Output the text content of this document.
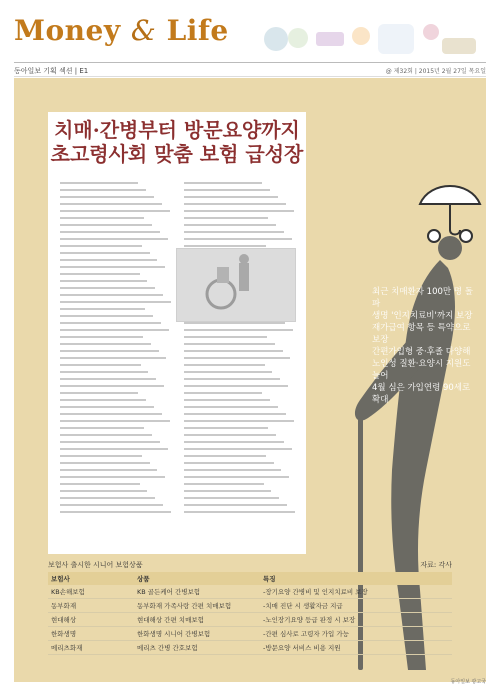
Money & Life
동아일보 기획 섹션 | E1	@ 제32회 | 2015년 2월 27일 목요일
치매·간병부터 방문요양까지
초고령사회 맞춤 보험 급성장
최근 치매환자 100만 명 돌파
생명 '인지치료비'까지 보장
재가급여 항목 등 특약으로 보장
간편가입형 중·후졸 다양해
노인성 질환·요양시 지원도 늘어
4월 심은 가입연령 90세로 확대
보험사 출시한 시니어 보험상품	자료: 각사
보험사	상품	특징
KB손해보험	KB 골든케어 간병보험	-장기요양 간병비 및 인지치료비 보장
동부화재	동부화재 가족사랑 간편 치매보험	-치매 진단 시 생활자금 지급
현대해상	현대해상 간편 치매보험	-노인장기요양 등급 판정 시 보장
한화생명	한화생명 시니어 간병보험	-간편 심사로 고령자 가입 가능
메리츠화재	메리츠 간병 간호보험	-방문요양 서비스 비용 지원
동아일보 광고국
